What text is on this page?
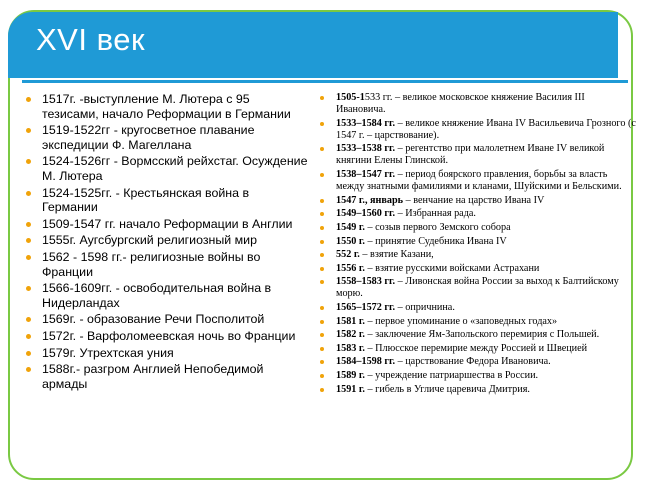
XVI век
1517г. -выступление М. Лютера с 95 тезисами, начало Реформации в Германии
1519-1522гг - кругосветное плавание экспедиции Ф. Магеллана
1524-1526гг - Вормсский рейхстаг. Осуждение М. Лютера
1524-1525гг. - Крестьянская война в Германии
1509-1547 гг. начало Реформации в Англии
1555г. Аугсбургский религиозный мир
1562 - 1598 гг.- религиозные войны во Франции
1566-1609гг. - освободительная война в Нидерландах
1569г. - образование Речи Посполитой
1572г. - Варфоломеевская ночь во Франции
1579г. Утрехтская уния
1588г.- разгром Англией Непобедимой армады
1505-1533 гг. – великое московское княжение Василия III Ивановича.
1533–1584 гг. – великое княжение Ивана IV Васильевича Грозного (с 1547 г. – царствование).
1533–1538 гг. – регентство при малолетнем Иване IV великой княгини Елены Глинской.
1538–1547 гг. – период боярского правления, борьбы за власть между знатными фамилиями и кланами, Шуйскими и Бельскими.
1547 г., январь – венчание на царство Ивана IV
1549–1560 гг. – Избранная рада.
1549 г. – созыв первого Земского собора
1550 г. – принятие Судебника Ивана IV
552 г. – взятие Казани,
1556 г. – взятие русскими войсками Астрахани
1558–1583 гг. – Ливонская война России за выход к Балтийскому морю.
1565–1572 гг. – опричнина.
1581 г. – первое упоминание о «заповедных годах»
1582 г. – заключение Ям-Запольского перемирия с Польшей.
1583 г. – Плюсское перемирие между Россией и Швецией
1584–1598 гг. – царствование Федора Ивановича.
1589 г. – учреждение патриаршества в России.
1591 г. – гибель в Угличе царевича Дмитрия.
